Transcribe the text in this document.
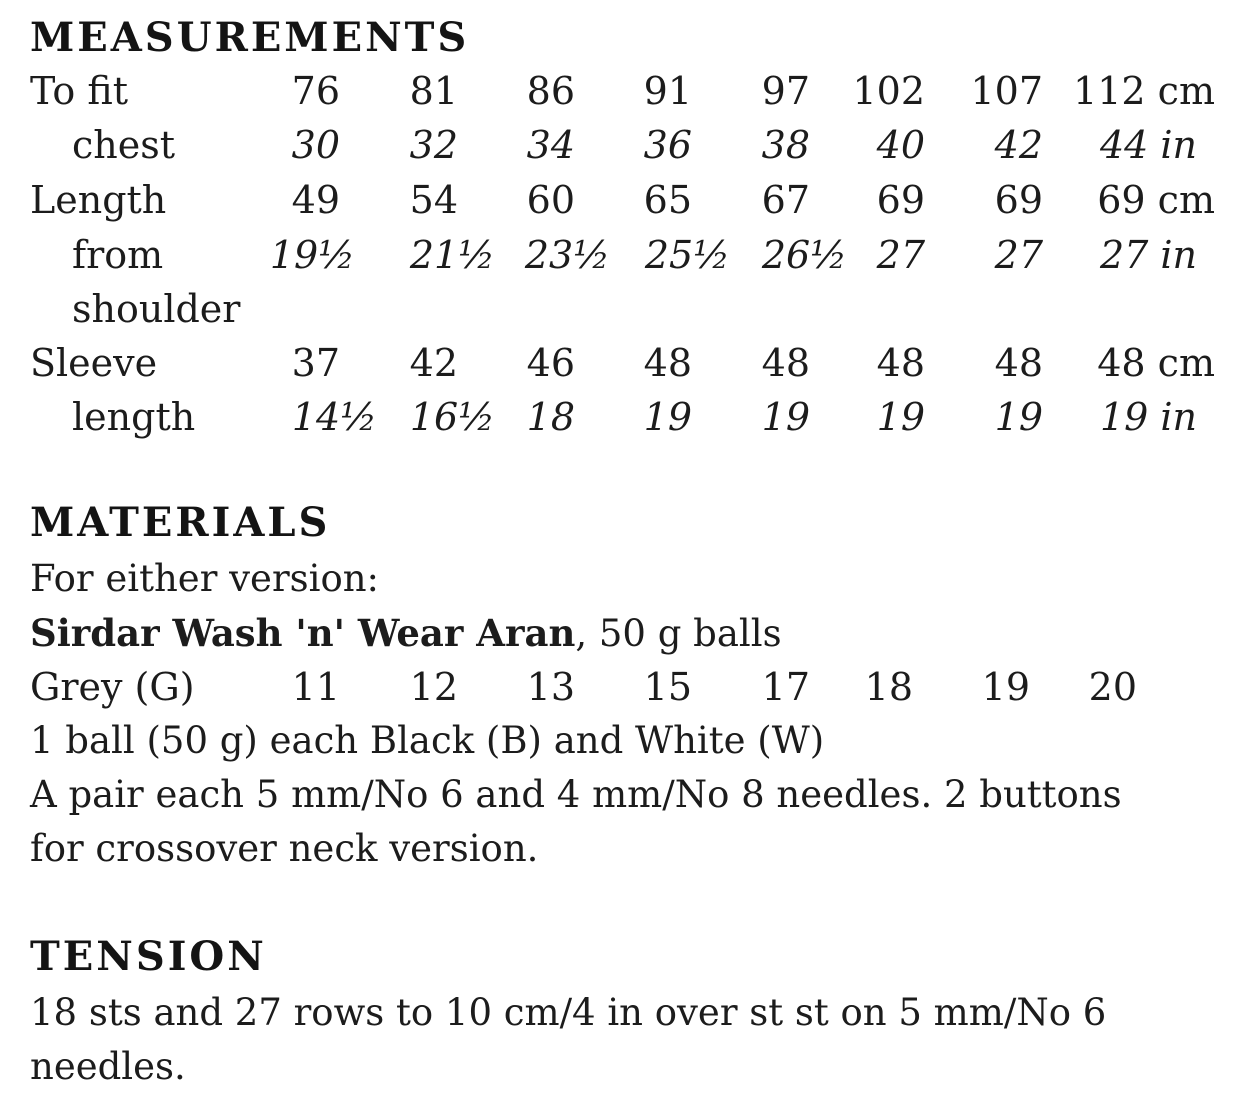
MEASUREMENTS
To fit	76 81 86 91 97 102 107 112 cm
chest	30 32 34 36 38 40 42 44 in
Length	49 54 60 65 67 69 69 69 cm
from	19½ 21½ 23½ 25½ 26½ 27 27 27 in
shoulder
Sleeve	37 42 46 48 48 48 48 48 cm
length	14½ 16½ 18 19 19 19 19 19 in
MATERIALS
For either version:
Sirdar Wash 'n' Wear Aran, 50 g balls
Grey (G)	11 12 13 15 17 18 19 20
1 ball (50 g) each Black (B) and White (W)
A pair each 5 mm/No 6 and 4 mm/No 8 needles. 2 buttons
for crossover neck version.
TENSION
18 sts and 27 rows to 10 cm/4 in over st st on 5 mm/No 6
needles.
